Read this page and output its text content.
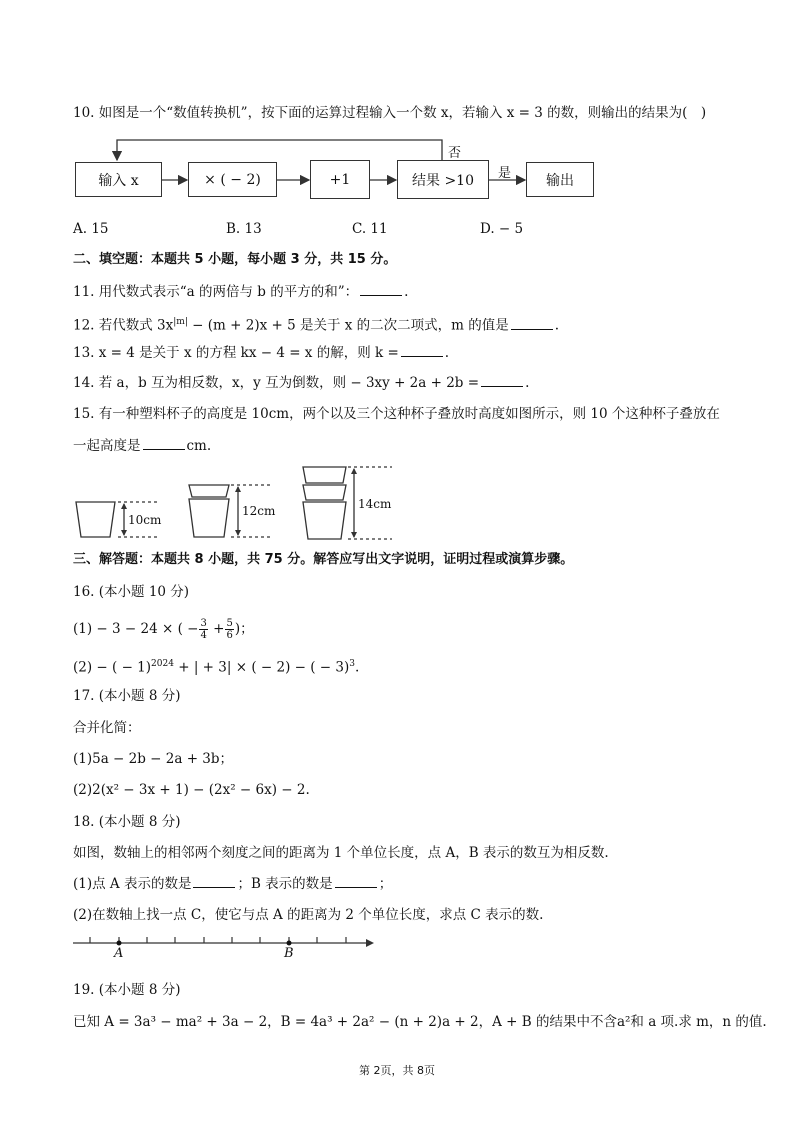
10. 如图是一个“数值转换机”，按下面的运算过程输入一个数 x，若输入 x = 3 的数，则输出的结果为(　)
输入 x	× ( − 2)	+1	结果 >10	输出
否
是
A. 15	B. 13	C. 11	D. − 5
二、填空题：本题共 5 小题，每小题 3 分，共 15 分。
11. 用代数式表示“a 的两倍与 b 的平方的和”：	.
12. 若代数式 $3x^{|m|} - (m + 2)x + 5$ 是关于 x 的二次二项式，m 的值是	.
13. x = 4 是关于 x 的方程 kx − 4 = x 的解，则 k =	.
14. 若 a，b 互为相反数，x，y 互为倒数，则 − 3xy + 2a + 2b =	.
15. 有一种塑料杯子的高度是 10cm，两个以及三个这种杯子叠放时高度如图所示，则 10 个这种杯子叠放在
一起高度是	cm.
10cm
12cm	14cm
三、解答题：本题共 8 小题，共 75 分。解答应写出文字说明，证明过程或演算步骤。
16. (本小题 10 分)
(1) − 3 − 24 × ( − $\frac{3}{4} + \frac{5}{6}$ )；
(2) − ( − 1)$^{2024}$ + | + 3| × ( − 2) − ( − 3)$^3$.
17. (本小题 8 分)
合并化简：
(1)5a − 2b − 2a + 3b；
(2)2(x² − 3x + 1) − (2x² − 6x) − 2.
18. (本小题 8 分)
如图，数轴上的相邻两个刻度之间的距离为 1 个单位长度，点 A，B 表示的数互为相反数.
(1)点 A 表示的数是	；B 表示的数是	；
(2)在数轴上找一点 C，使它与点 A 的距离为 2 个单位长度，求点 C 表示的数.
A	B
19. (本小题 8 分)
已知 A = 3a³ − ma² + 3a − 2，B = 4a³ + 2a² − (n + 2)a + 2，A + B 的结果中不含a²和 a 项.求 m，n 的值.
第 2页，共 8页
